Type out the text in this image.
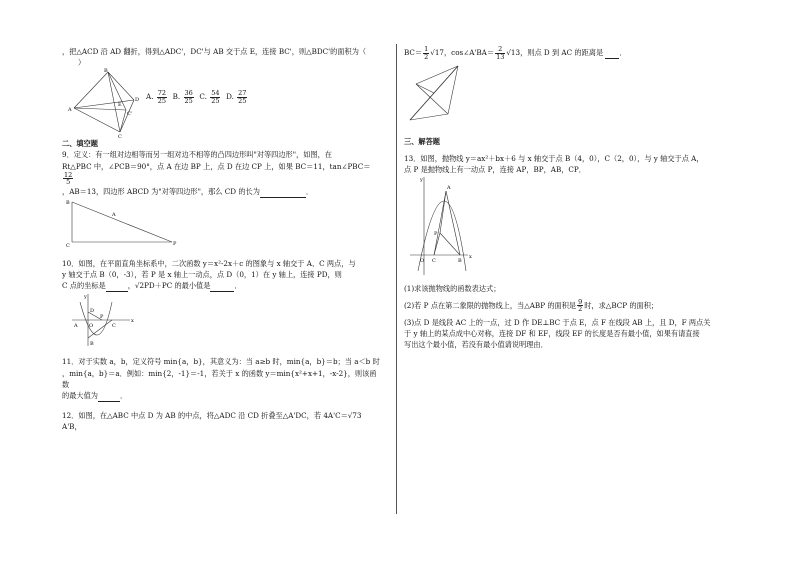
，把△ACD 沿 AD 翻折，得到△ADC'，DC'与 AB 交于点 E，连接 BC'，则△BDC'的面积为（

）

B
A
D
E
C'
C
A. $\frac{72}{25} B$. $\frac{36}{25} C$. $\frac{54}{25} D$. $\frac{27}{25}$

二、填空题

9．定义：有一组对边相等而另一组对边不相等的凸四边形叫"对等四边形"，如图，在

Rt△PBC 中，∠PCB＝90°，点 A 在边 BP 上，点 D 在边 CP 上，如果 BC＝11，tan∠PBC＝
$\frac{12}{5}$

，AB＝13，四边形 ABCD 为"对等四边形"，那么 CD 的长为	．

B
A
C	P

10．如图，在平面直角坐标系中，二次函数 y＝x²-2x＋c 的图象与 x 轴交于 A、C 两点，与

y 轴交于点 B（0，-3），若 P 是 x 轴上一动点，点 D（0，1）在 y 轴上，连接 PD，则

C 点的坐标是	，√2PD＋PC 的最小值是	．

y
D
A O
P
C
x
B

11．对于实数 a，b，定义符号 min{a，b}，其意义为：当 a≥b 时，min{a，b}＝b；当 a＜b 时

，min{a，b}＝a．例如：min{2，-1}＝-1，若关于 x 的函数 y＝min{x²+x+1，-x-2}，则该函数

的最大值为	．

12．如图，在△ABC 中点 D 为 AB 的中点，将△ADC 沿 CD 折叠至△A'DC，若 4A'C＝√73 A'B，

$BC= \frac{1}{2} √17$，cos∠A'BA＝ $\frac{2}{13} √13$，则点 D 到 AC 的距离是 ．

三、解答题

13．如图，抛物线 y＝ax²＋bx＋6 与 x 轴交于点 B（4，0），C（2，0），与 y 轴交于点 A，

点 P 是抛物线上有一动点 P，连接 AP，BP，AB，CP．

y
A
P
O C	B
x

(1)求该抛物线的函数表达式；

(2)若 P 点在第二象限的抛物线上，当△ABP 的面积是 $\frac{9}{2}$ 时，求△BCP 的面积；

(3)点 D 是线段 AC 上的一点，过 D 作 DE⊥BC 于点 E，点 F 在线段 AB 上，且 D，F 两点关

于 y 轴上的某点成中心对称，连接 DF 和 EF，线段 EF 的长度是否有最小值，如果有请直接

写出这个最小值，若没有最小值请说明理由．
